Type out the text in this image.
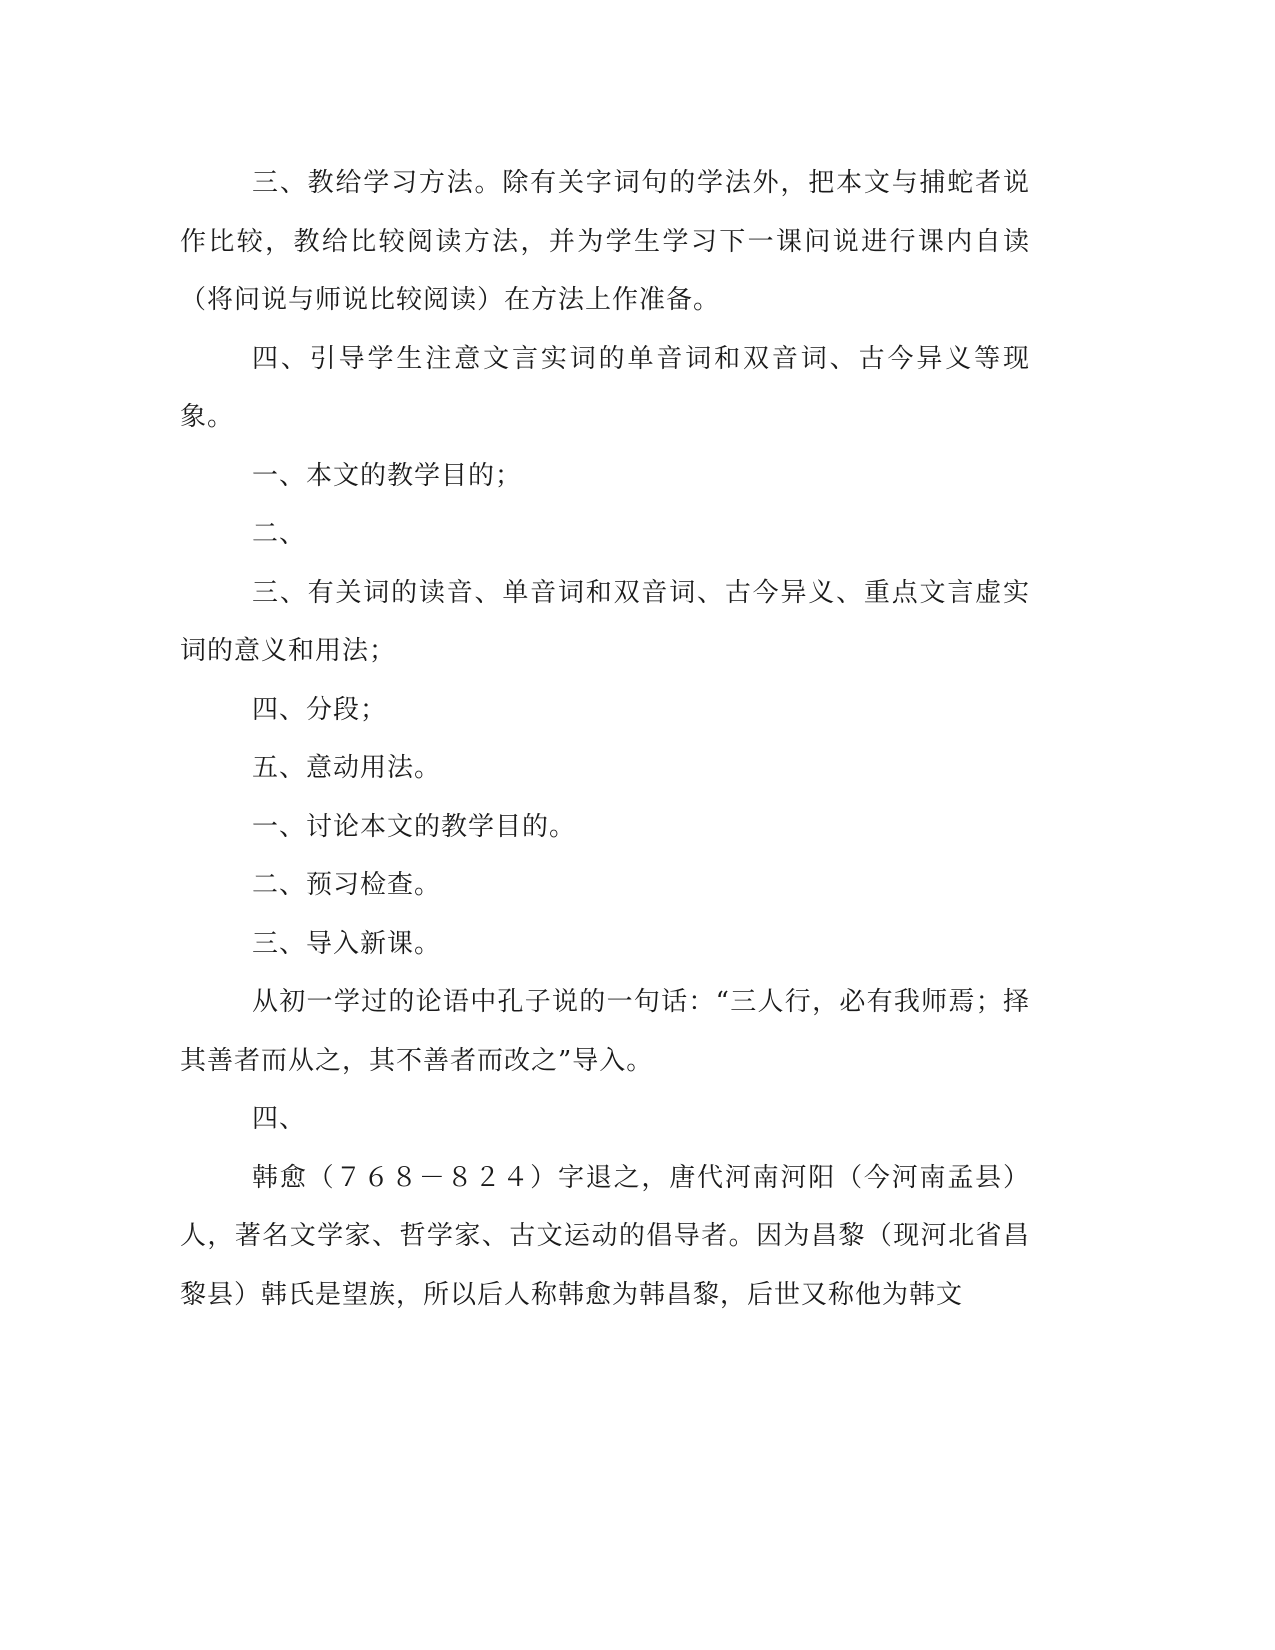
三、教给学习方法。除有关字词句的学法外，把本文与捕蛇者说作比较，教给比较阅读方法，并为学生学习下一课问说进行课内自读（将问说与师说比较阅读）在方法上作准备。

四、引导学生注意文言实词的单音词和双音词、古今异义等现象。

一、本文的教学目的；

二、

三、有关词的读音、单音词和双音词、古今异义、重点文言虚实词的意义和用法；

四、分段；

五、意动用法。

一、讨论本文的教学目的。

二、预习检查。

三、导入新课。

从初一学过的论语中孔子说的一句话：“三人行，必有我师焉；择其善者而从之，其不善者而改之”导入。

四、

韩愈（７６８－８２４）字退之，唐代河南河阳（今河南孟县）人，著名文学家、哲学家、古文运动的倡导者。因为昌黎（现河北省昌黎县）韩氏是望族，所以后人称韩愈为韩昌黎，后世又称他为韩文
